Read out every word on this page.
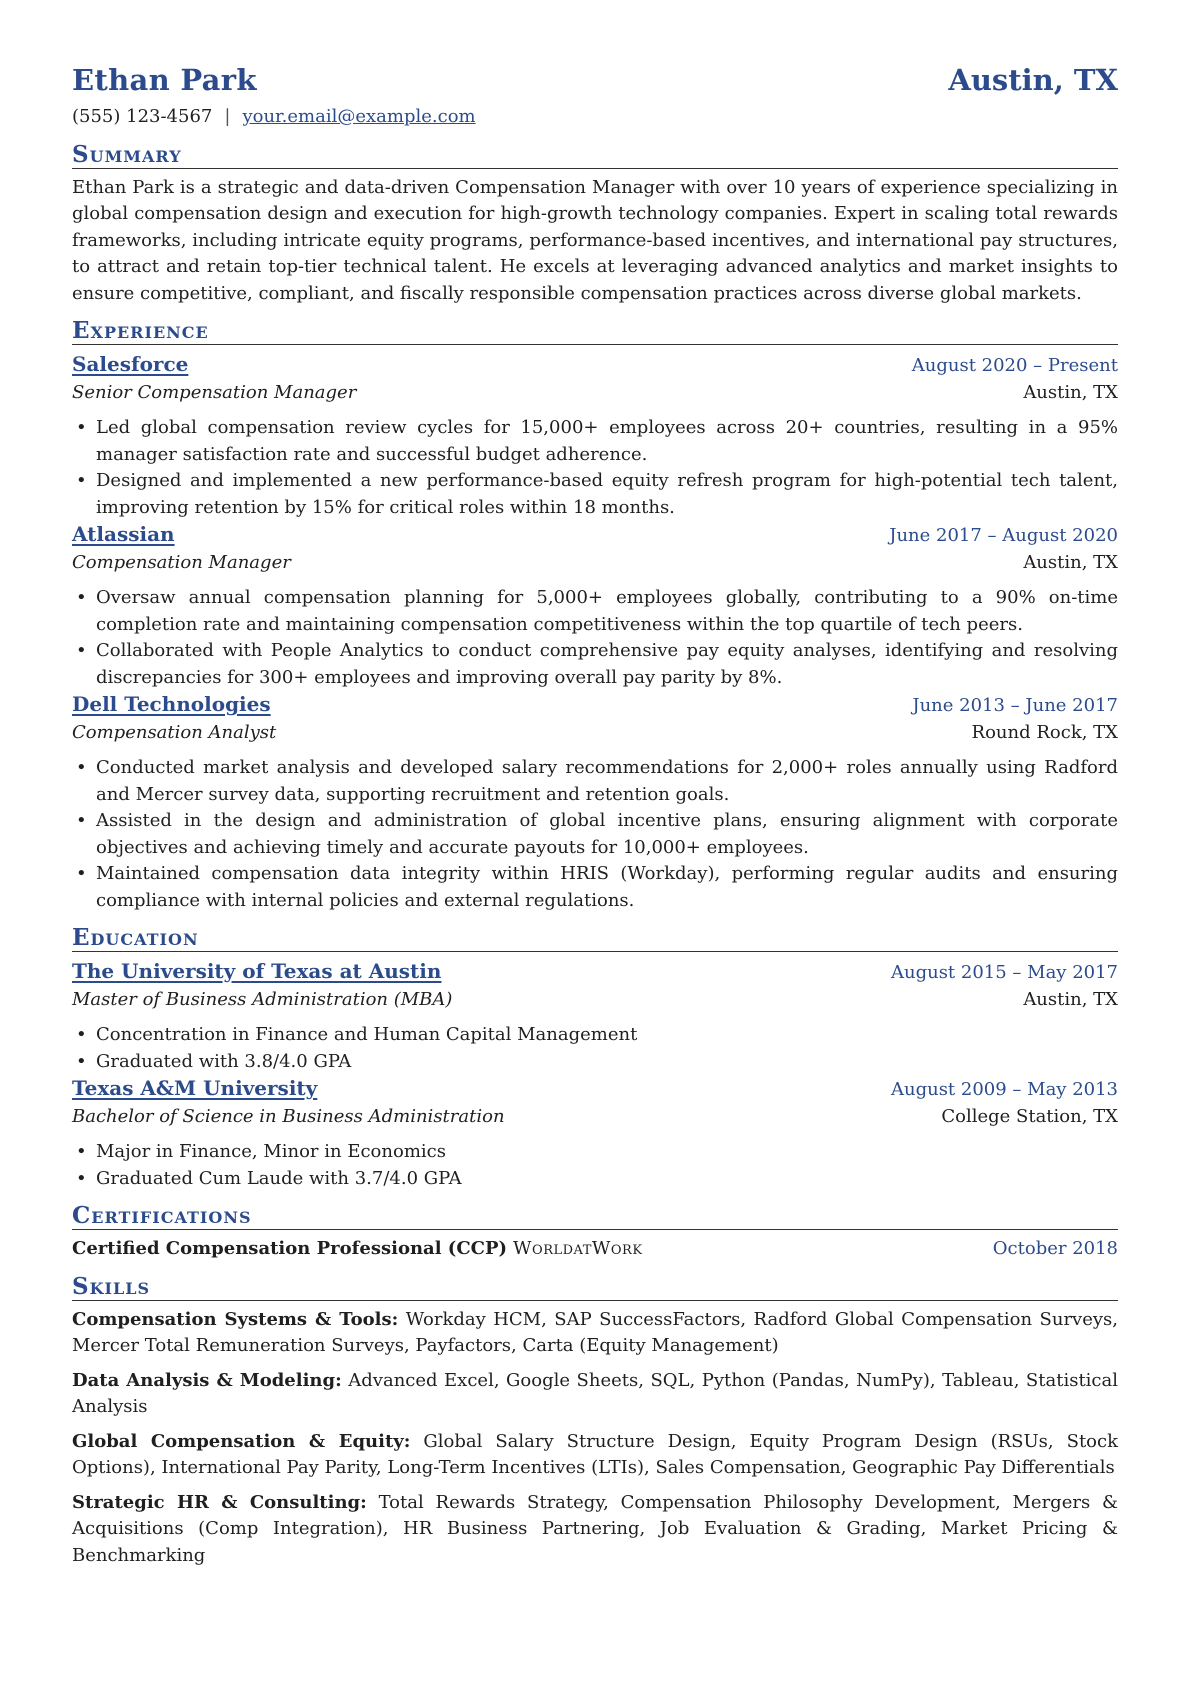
Ethan Park	Austin, TX
(555) 123-4567 | your.email@example.com
Summary

Ethan Park is a strategic and data-driven Compensation Manager with over 10 years of experience specializing in global compensation design and execution for high-growth technology companies. Expert in scaling total rewards frameworks, including intricate equity programs, performance-based incentives, and international pay structures, to attract and retain top-tier technical talent. He excels at leveraging advanced analytics and market insights to ensure competitive, compliant, and fiscally responsible compensation practices across diverse global markets.

Experience
Salesforce	August 2020 – Present
Senior Compensation Manager	Austin, TX
• Led global compensation review cycles for 15,000+ employees across 20+ countries, resulting in a 95% manager satisfaction rate and successful budget adherence.
• Designed and implemented a new performance-based equity refresh program for high-potential tech talent, improving retention by 15% for critical roles within 18 months.
Atlassian	June 2017 – August 2020
Compensation Manager	Austin, TX
• Oversaw annual compensation planning for 5,000+ employees globally, contributing to a 90% on-time completion rate and maintaining compensation competitiveness within the top quartile of tech peers.
• Collaborated with People Analytics to conduct comprehensive pay equity analyses, identifying and resolving discrepancies for 300+ employees and improving overall pay parity by 8%.
Dell Technologies	June 2013 – June 2017
Compensation Analyst	Round Rock, TX
• Conducted market analysis and developed salary recommendations for 2,000+ roles annually using Radford and Mercer survey data, supporting recruitment and retention goals.
• Assisted in the design and administration of global incentive plans, ensuring alignment with corporate objectives and achieving timely and accurate payouts for 10,000+ employees.
• Maintained compensation data integrity within HRIS (Workday), performing regular audits and ensuring compliance with internal policies and external regulations.
Education
The University of Texas at Austin	August 2015 – May 2017
Master of Business Administration (MBA)	Austin, TX
• Concentration in Finance and Human Capital Management
• Graduated with 3.8/4.0 GPA
Texas A&M University	August 2009 – May 2013
Bachelor of Science in Business Administration	College Station, TX
• Major in Finance, Minor in Economics
• Graduated Cum Laude with 3.7/4.0 GPA
Certifications
Certified Compensation Professional (CCP) WorldatWork	October 2018
Skills

Compensation Systems & Tools: Workday HCM, SAP SuccessFactors, Radford Global Compensation Surveys, Mercer Total Remuneration Surveys, Payfactors, Carta (Equity Management)

Data Analysis & Modeling: Advanced Excel, Google Sheets, SQL, Python (Pandas, NumPy), Tableau, Statistical Analysis

Global Compensation & Equity: Global Salary Structure Design, Equity Program Design (RSUs, Stock Options), International Pay Parity, Long-Term Incentives (LTIs), Sales Compensation, Geographic Pay Differentials

Strategic HR & Consulting: Total Rewards Strategy, Compensation Philosophy Development, Mergers & Acquisitions (Comp Integration), HR Business Partnering, Job Evaluation & Grading, Market Pricing & Benchmarking
